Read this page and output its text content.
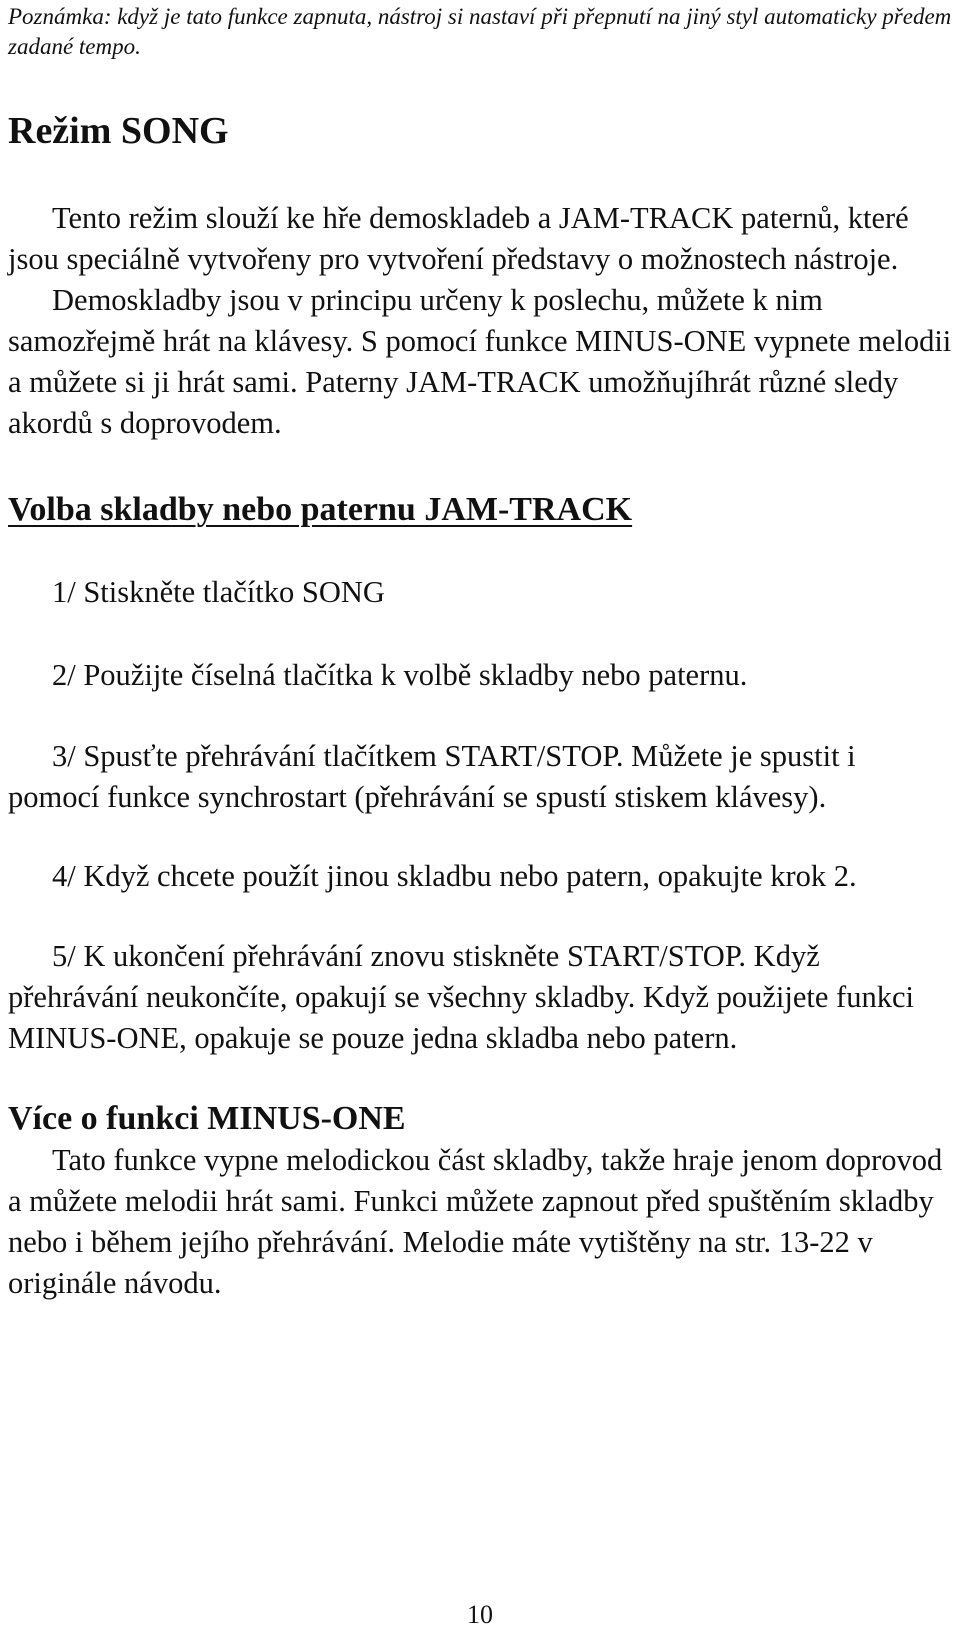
Poznámka: když je tato funkce zapnuta, nástroj si nastaví při přepnutí na jiný styl automaticky předem zadané tempo.

Režim SONG

Tento režim slouží ke hře demoskladeb a JAM-TRACK paternů, které jsou speciálně vytvořeny pro vytvoření představy o možnostech nástroje.

Demoskladby jsou v principu určeny k poslechu, můžete k nim samozřejmě hrát na klávesy. S pomocí funkce MINUS-ONE vypnete melodii a můžete si ji hrát sami. Paterny JAM-TRACK umožňujíhrát různé sledy akordů s doprovodem.

Volba skladby nebo paternu JAM-TRACK

1/ Stiskněte tlačítko SONG

2/ Použijte číselná tlačítka k volbě skladby nebo paternu.

3/ Spusťte přehrávání tlačítkem START/STOP. Můžete je spustit i pomocí funkce synchrostart (přehrávání se spustí stiskem klávesy).

4/ Když chcete použít jinou skladbu nebo patern, opakujte krok 2.

5/ K ukončení přehrávání znovu stiskněte START/STOP. Když přehrávání neukončíte, opakují se všechny skladby. Když použijete funkci MINUS-ONE, opakuje se pouze jedna skladba nebo patern.

Více o funkci MINUS-ONE

Tato funkce vypne melodickou část skladby, takže hraje jenom doprovod a můžete melodii hrát sami. Funkci můžete zapnout před spuštěním skladby nebo i během jejího přehrávání. Melodie máte vytištěny na str. 13-22 v originále návodu.

10
